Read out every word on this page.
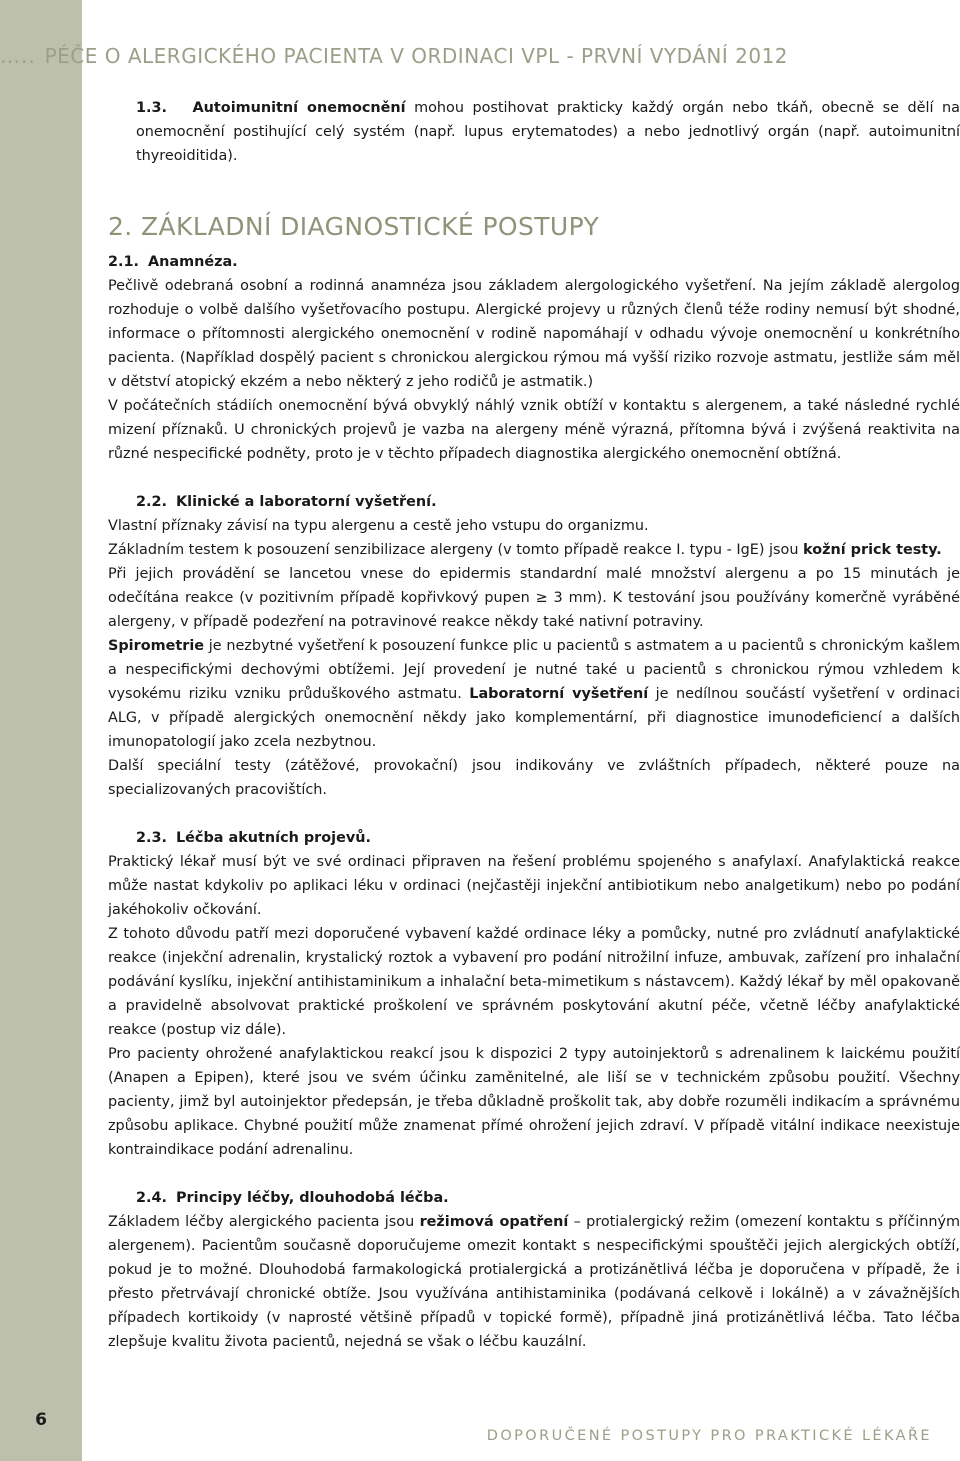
6
….. PÉČE O ALERGICKÉHO PACIENTA V ORDINACI VPL - PRVNÍ VYDÁNÍ 2012

1.3. Autoimunitní onemocnění mohou postihovat prakticky každý orgán nebo tkáň, obecně se dělí na onemocnění postihující celý systém (např. lupus erytematodes) a nebo jednotlivý orgán (např. autoimunitní thyreoiditida).

2. ZÁKLADNÍ DIAGNOSTICKÉ POSTUPY

2.1. Anamnéza.

Pečlivě odebraná osobní a rodinná anamnéza jsou základem alergologického vyšetření. Na jejím základě alergolog rozhoduje o volbě dalšího vyšetřovacího postupu. Alergické projevy u různých členů téže rodiny nemusí být shodné, informace o přítomnosti alergického onemocnění v rodině napomáhají v odhadu vývoje onemocnění u konkrétního pacienta. (Například dospělý pacient s chronickou alergickou rýmou má vyšší riziko rozvoje astmatu, jestliže sám měl v dětství atopický ekzém a nebo některý z jeho rodičů je astmatik.)

V počátečních stádiích onemocnění bývá obvyklý náhlý vznik obtíží v kontaktu s alergenem, a také následné rychlé mizení příznaků. U chronických projevů je vazba na alergeny méně výrazná, přítomna bývá i zvýšená reaktivita na různé nespecifické podněty, proto je v těchto případech diagnostika alergického onemocnění obtížná.

2.2. Klinické a laboratorní vyšetření.

Vlastní příznaky závisí na typu alergenu a cestě jeho vstupu do organizmu.

Základním testem k posouzení senzibilizace alergeny (v tomto případě reakce I. typu - IgE) jsou kožní prick testy.

Při jejich provádění se lancetou vnese do epidermis standardní malé množství alergenu a po 15 minutách je odečítána reakce (v pozitivním případě kopřivkový pupen ≥ 3 mm). K testování jsou používány komerčně vyráběné alergeny, v případě podezření na potravinové reakce někdy také nativní potraviny.

Spirometrie je nezbytné vyšetření k posouzení funkce plic u pacientů s astmatem a u pacientů s chronickým kašlem a nespecifickými dechovými obtížemi. Její provedení je nutné také u pacientů s chronickou rýmou vzhledem k vysokému riziku vzniku průduškového astmatu. Laboratorní vyšetření je nedílnou součástí vyšetření v ordinaci ALG, v případě alergických onemocnění někdy jako komplementární, při diagnostice imunodeficiencí a dalších imunopatologií jako zcela nezbytnou.

Další speciální testy (zátěžové, provokační) jsou indikovány ve zvláštních případech, některé pouze na specializovaných pracovištích.

2.3. Léčba akutních projevů.

Praktický lékař musí být ve své ordinaci připraven na řešení problému spojeného s anafylaxí. Anafylaktická reakce může nastat kdykoliv po aplikaci léku v ordinaci (nejčastěji injekční antibiotikum nebo analgetikum) nebo po podání jakéhokoliv očkování.

Z tohoto důvodu patří mezi doporučené vybavení každé ordinace léky a pomůcky, nutné pro zvládnutí anafylaktické reakce (injekční adrenalin, krystalický roztok a vybavení pro podání nitrožilní infuze, ambuvak, zařízení pro inhalační podávání kyslíku, injekční antihistaminikum a inhalační beta-mimetikum s nástavcem). Každý lékař by měl opakovaně a pravidelně absolvovat praktické proškolení ve správném poskytování akutní péče, včetně léčby anafylaktické reakce (postup viz dále).

Pro pacienty ohrožené anafylaktickou reakcí jsou k dispozici 2 typy autoinjektorů s adrenalinem k laickému použití (Anapen a Epipen), které jsou ve svém účinku zaměnitelné, ale liší se v technickém způsobu použití. Všechny pacienty, jimž byl autoinjektor předepsán, je třeba důkladně proškolit tak, aby dobře rozuměli indikacím a správnému způsobu aplikace. Chybné použití může znamenat přímé ohrožení jejich zdraví. V případě vitální indikace neexistuje kontraindikace podání adrenalinu.

2.4. Principy léčby, dlouhodobá léčba.

Základem léčby alergického pacienta jsou režimová opatření – protialergický režim (omezení kontaktu s příčinným alergenem). Pacientům současně doporučujeme omezit kontakt s nespecifickými spouštěči jejich alergických obtíží, pokud je to možné. Dlouhodobá farmakologická protialergická a protizánětlivá léčba je doporučena v případě, že i přesto přetrvávají chronické obtíže. Jsou využívána antihistaminika (podávaná celkově i lokálně) a v závažnějších případech kortikoidy (v naprosté většině případů v topické formě), případně jiná protizánětlivá léčba. Tato léčba zlepšuje kvalitu života pacientů, nejedná se však o léčbu kauzální.

DOPORUČENÉ POSTUPY PRO PRAKTICKÉ LÉKAŘE
